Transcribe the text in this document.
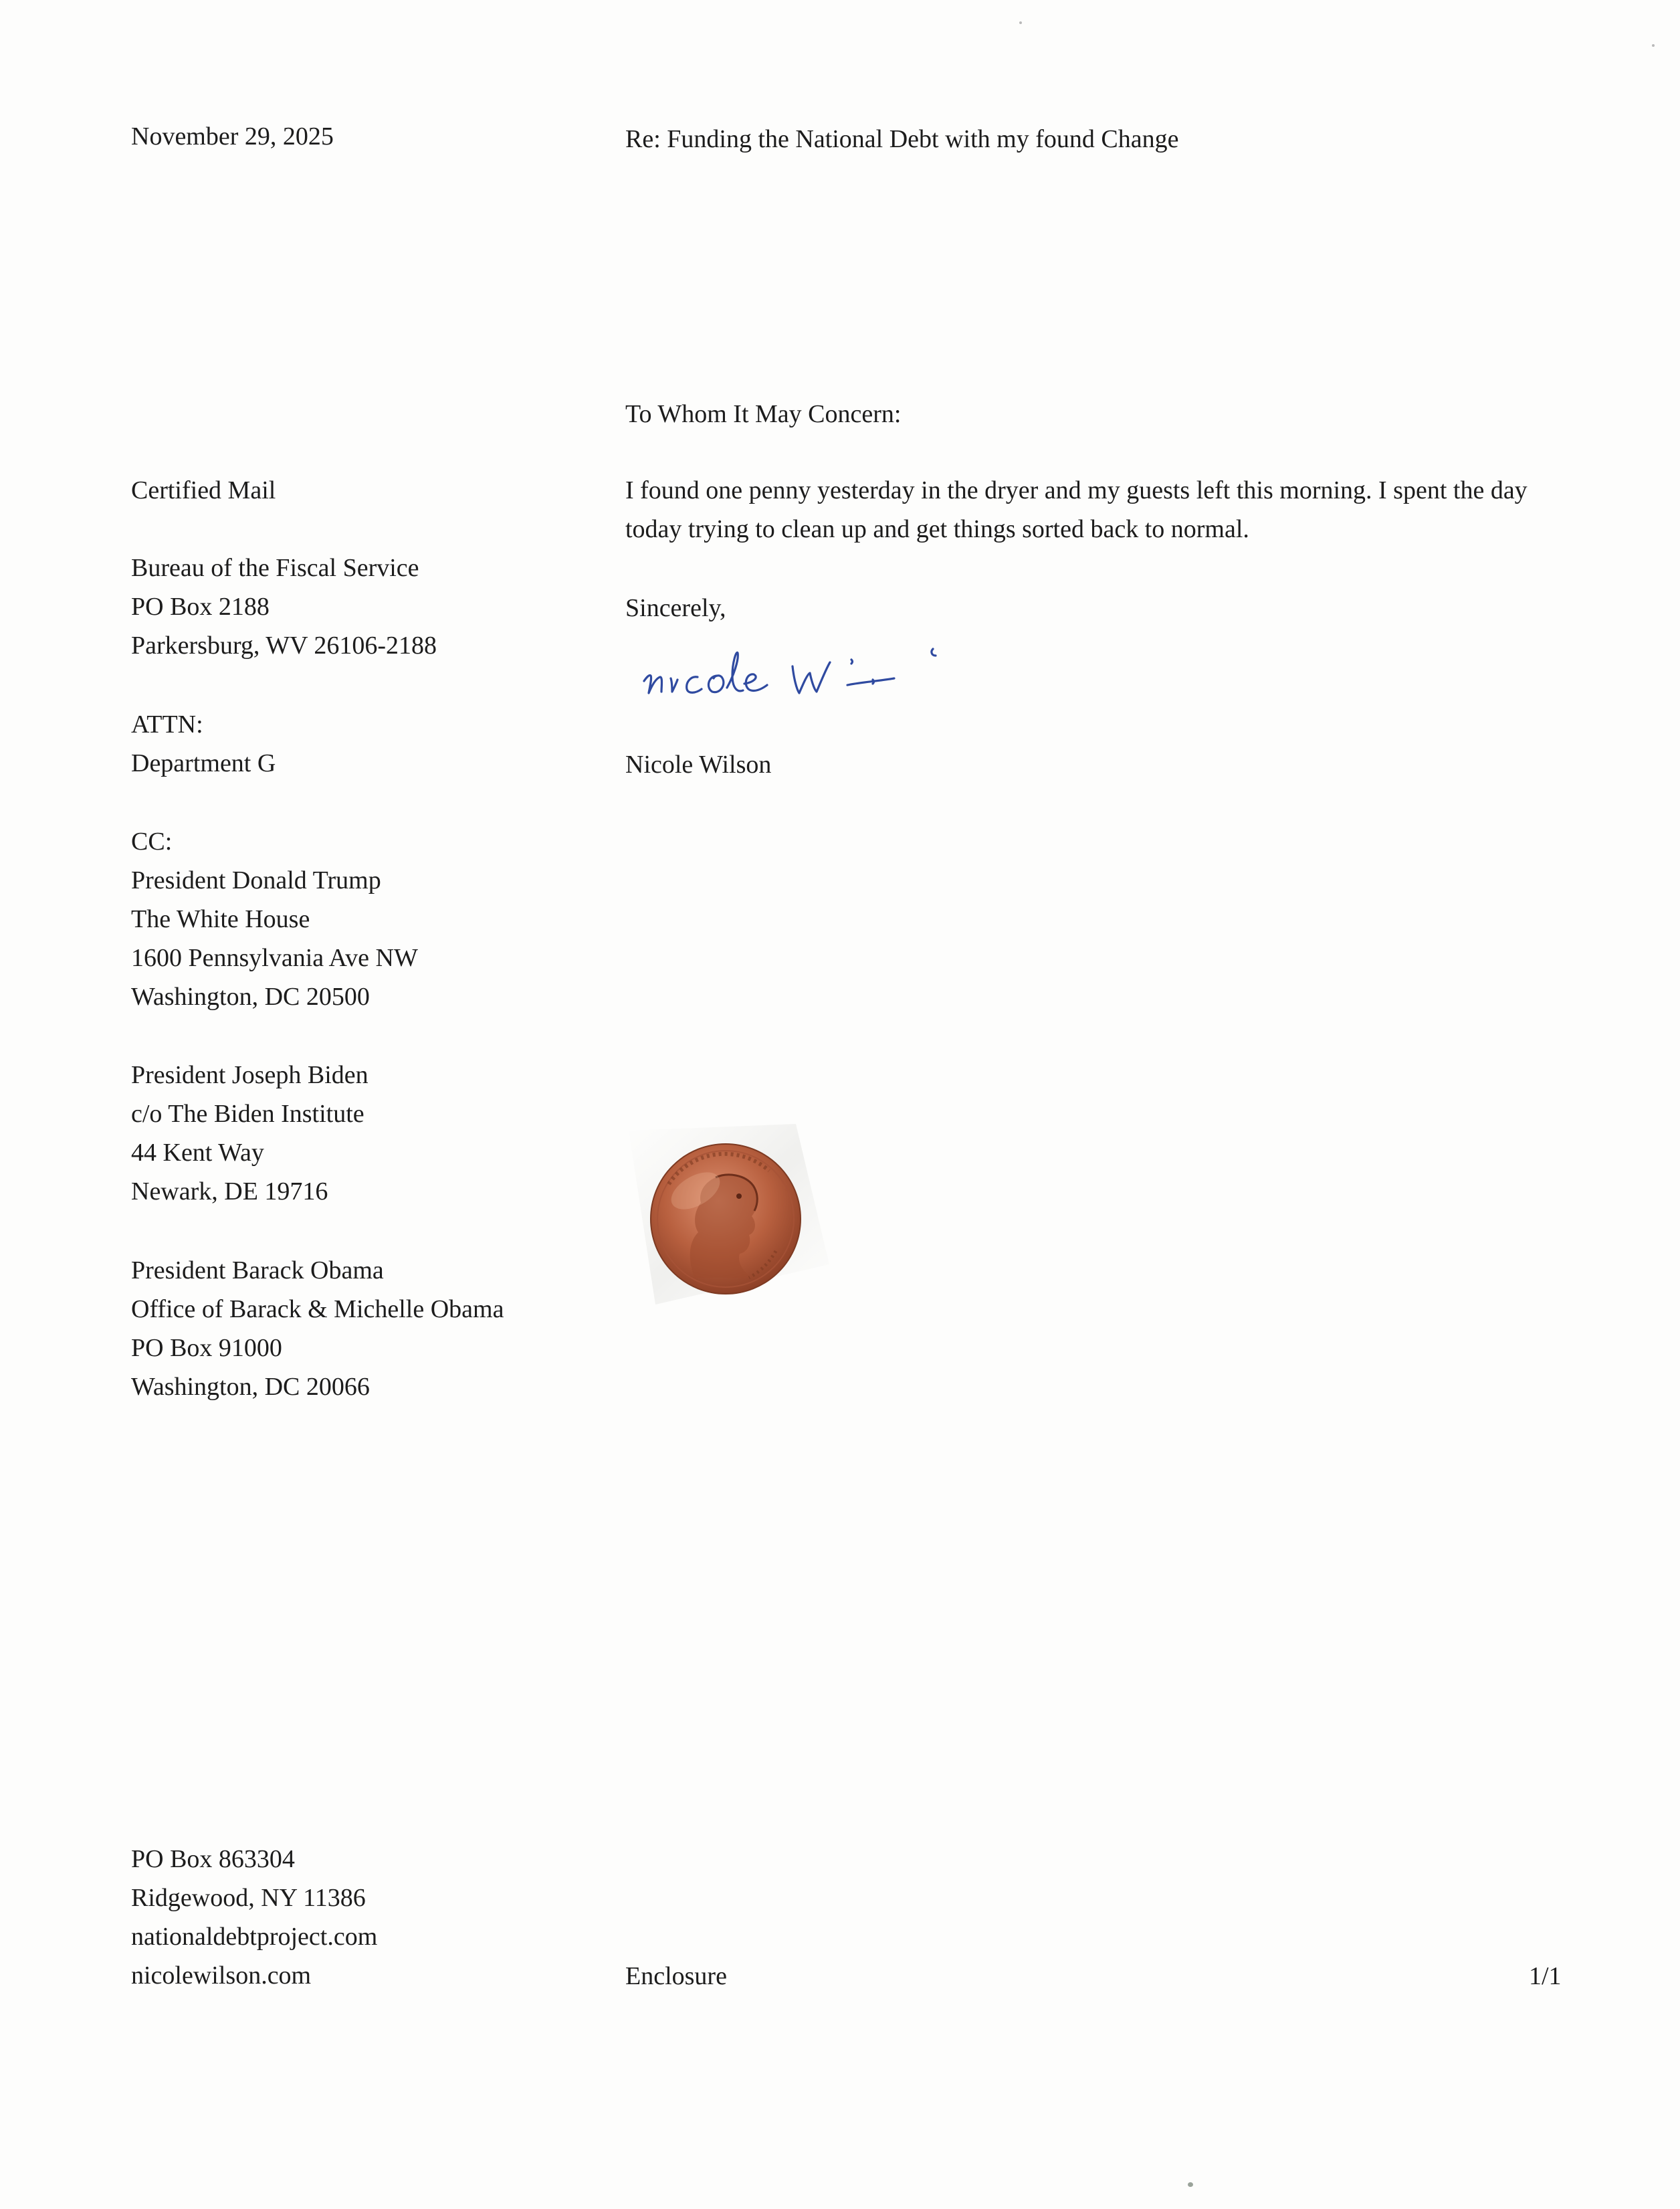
November 29, 2025	Re: Funding the National Debt with my found Change

To Whom It May Concern:

I found one penny yesterday in the dryer and my guests left this morning. I spent the day today trying to clean up and get things sorted back to normal.

Sincerely,

Nicole Wilson

Certified Mail

Bureau of the Fiscal Service
PO Box 2188
Parkersburg, WV 26106-2188
ATTN:
Department G
CC:
President Donald Trump
The White House
1600 Pennsylvania Ave NW
Washington, DC 20500
President Joseph Biden
c/o The Biden Institute
44 Kent Way
Newark, DE 19716
President Barack Obama
Office of Barack & Michelle Obama
PO Box 91000
Washington, DC 20066
PO Box 863304
Ridgewood, NY 11386
nationaldebtproject.com
nicolewilson.com	Enclosure	1/1
